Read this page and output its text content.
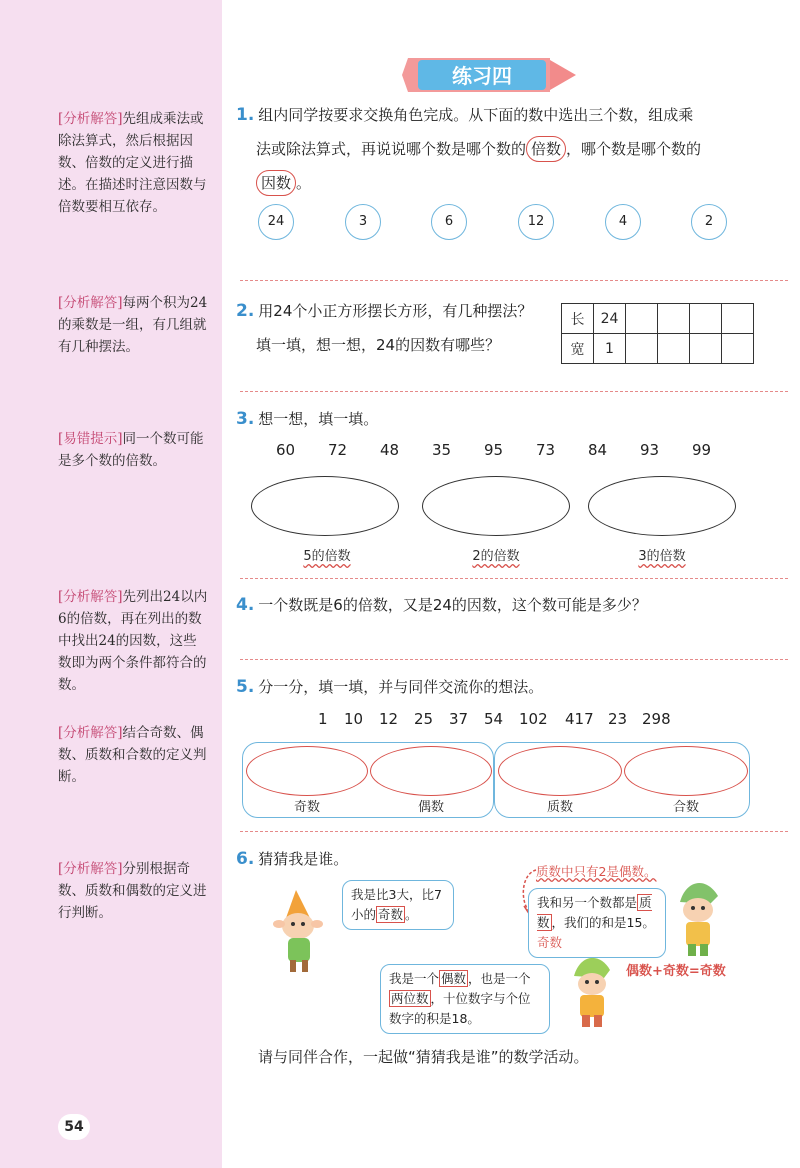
[分析解答]先组成乘法或除法算式，然后根据因数、倍数的定义进行描述。在描述时注意因数与倍数要相互依存。
[分析解答]每两个积为24的乘数是一组，有几组就有几种摆法。
[易错提示]同一个数可能是多个数的倍数。
[分析解答]先列出24以内6的倍数，再在列出的数中找出24的因数，这些数即为两个条件都符合的数。
[分析解答]结合奇数、偶数、质数和合数的定义判断。
[分析解答]分别根据奇数、质数和偶数的定义进行判断。
54
练习四
1. 组内同学按要求交换角色完成。从下面的数中选出三个数，组成乘
法或除法算式，再说说哪个数是哪个数的 倍数 ，哪个数是哪个数的
因数 。
24	3	6	12	4	2
2. 用24个小正方形摆长方形，有几种摆法？
填一填，想一想，24的因数有哪些？
长	24				
宽	1				
3. 想一想，填一填。
60 72 48 35 95 73 84 93 99
5的倍数	2的倍数	3的倍数
4. 一个数既是6的倍数，又是24的因数，这个数可能是多少？
5. 分一分，填一填，并与同伴交流你的想法。
1 10 12 25 37 54 102 417 23 298
奇数	偶数	质数	合数
6. 猜猜我是谁。
我是比3大，比7小的 奇数 。
质数中只有2是偶数。
我和另一个数都是 质数 ，我们的和是15。奇数
偶数+奇数=奇数
我是一个 偶数 ，也是一个两位数 ，十位数字与个位数字的积是18。
请与同伴合作，一起做“猜猜我是谁”的数学活动。
